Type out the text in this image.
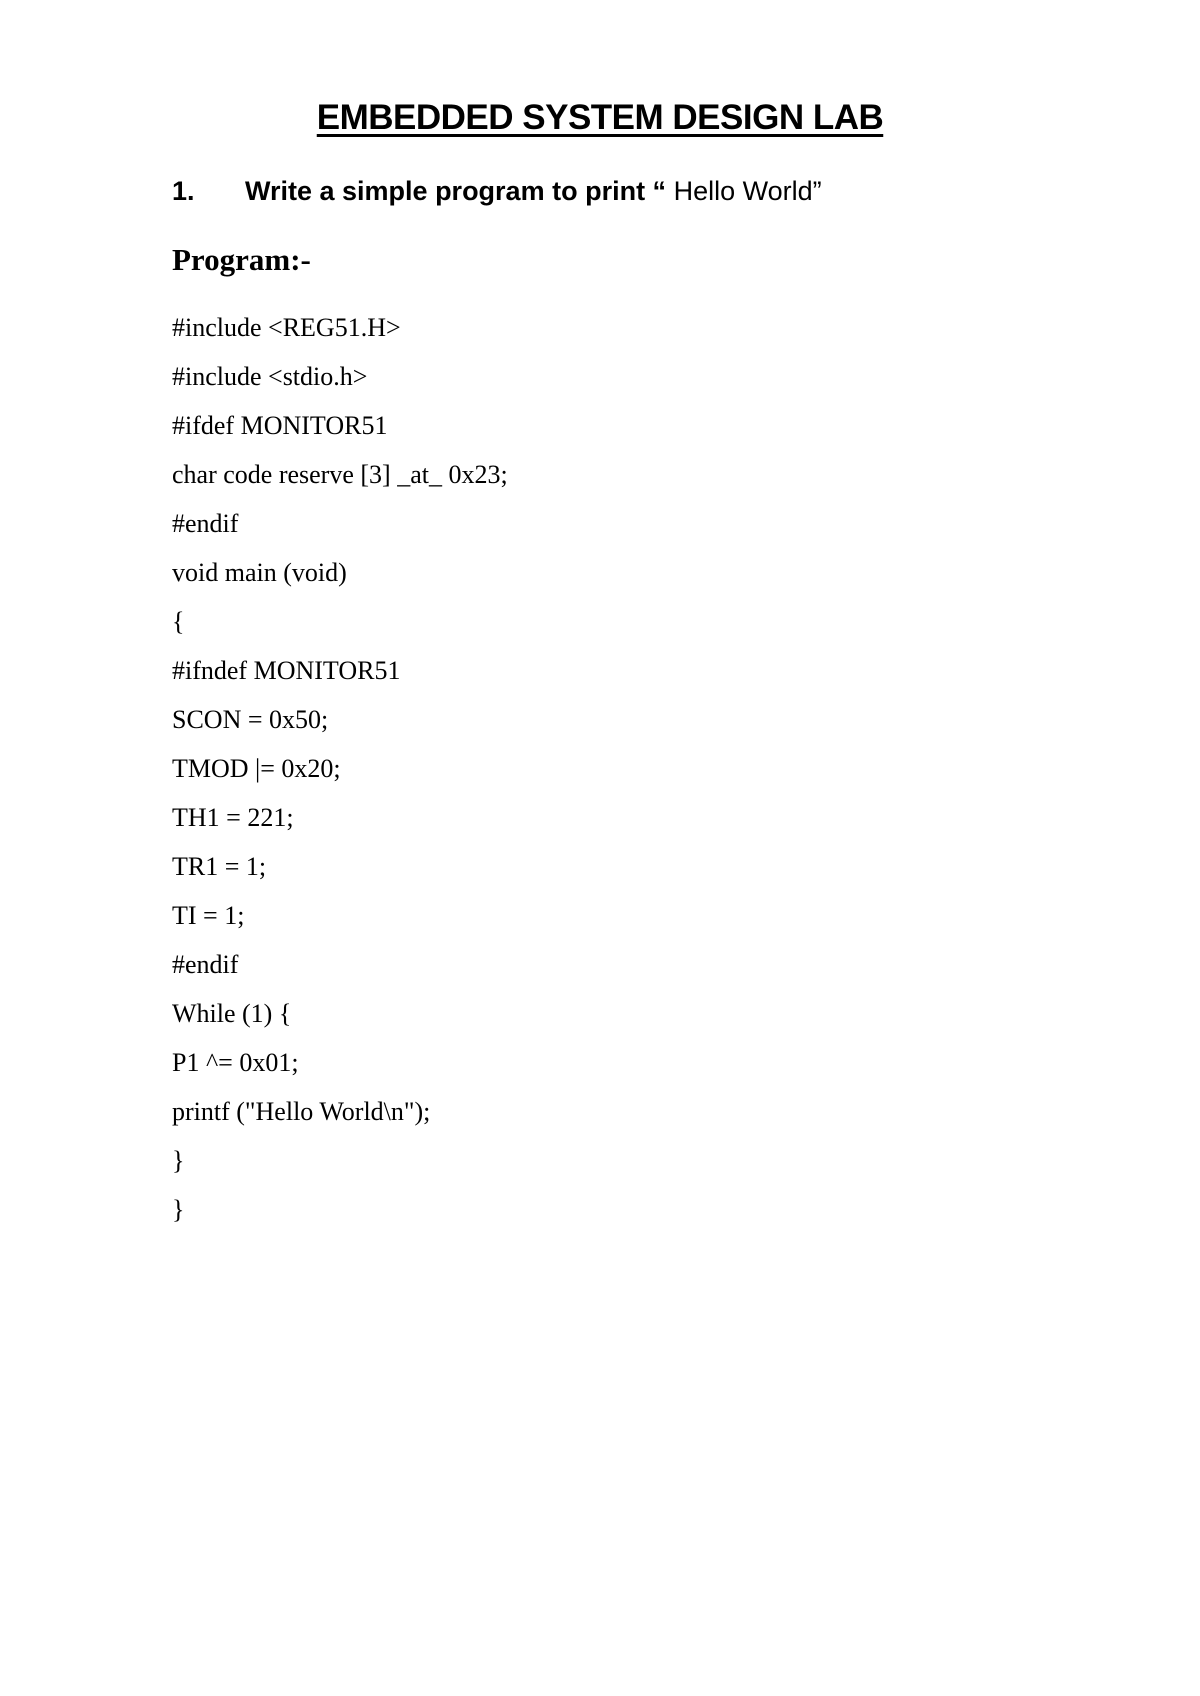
EMBEDDED SYSTEM DESIGN LAB
1. Write a simple program to print “ Hello World”
Program:-
#include <REG51.H>
#include <stdio.h>
#ifdef MONITOR51
char code reserve [3] _at_ 0x23;
#endif
void main (void)
{
#ifndef MONITOR51
SCON = 0x50;
TMOD |= 0x20;
TH1 = 221;
TR1 = 1;
TI = 1;
#endif
While (1) {
P1 ^= 0x01;
printf ("Hello World\n");
}
}
